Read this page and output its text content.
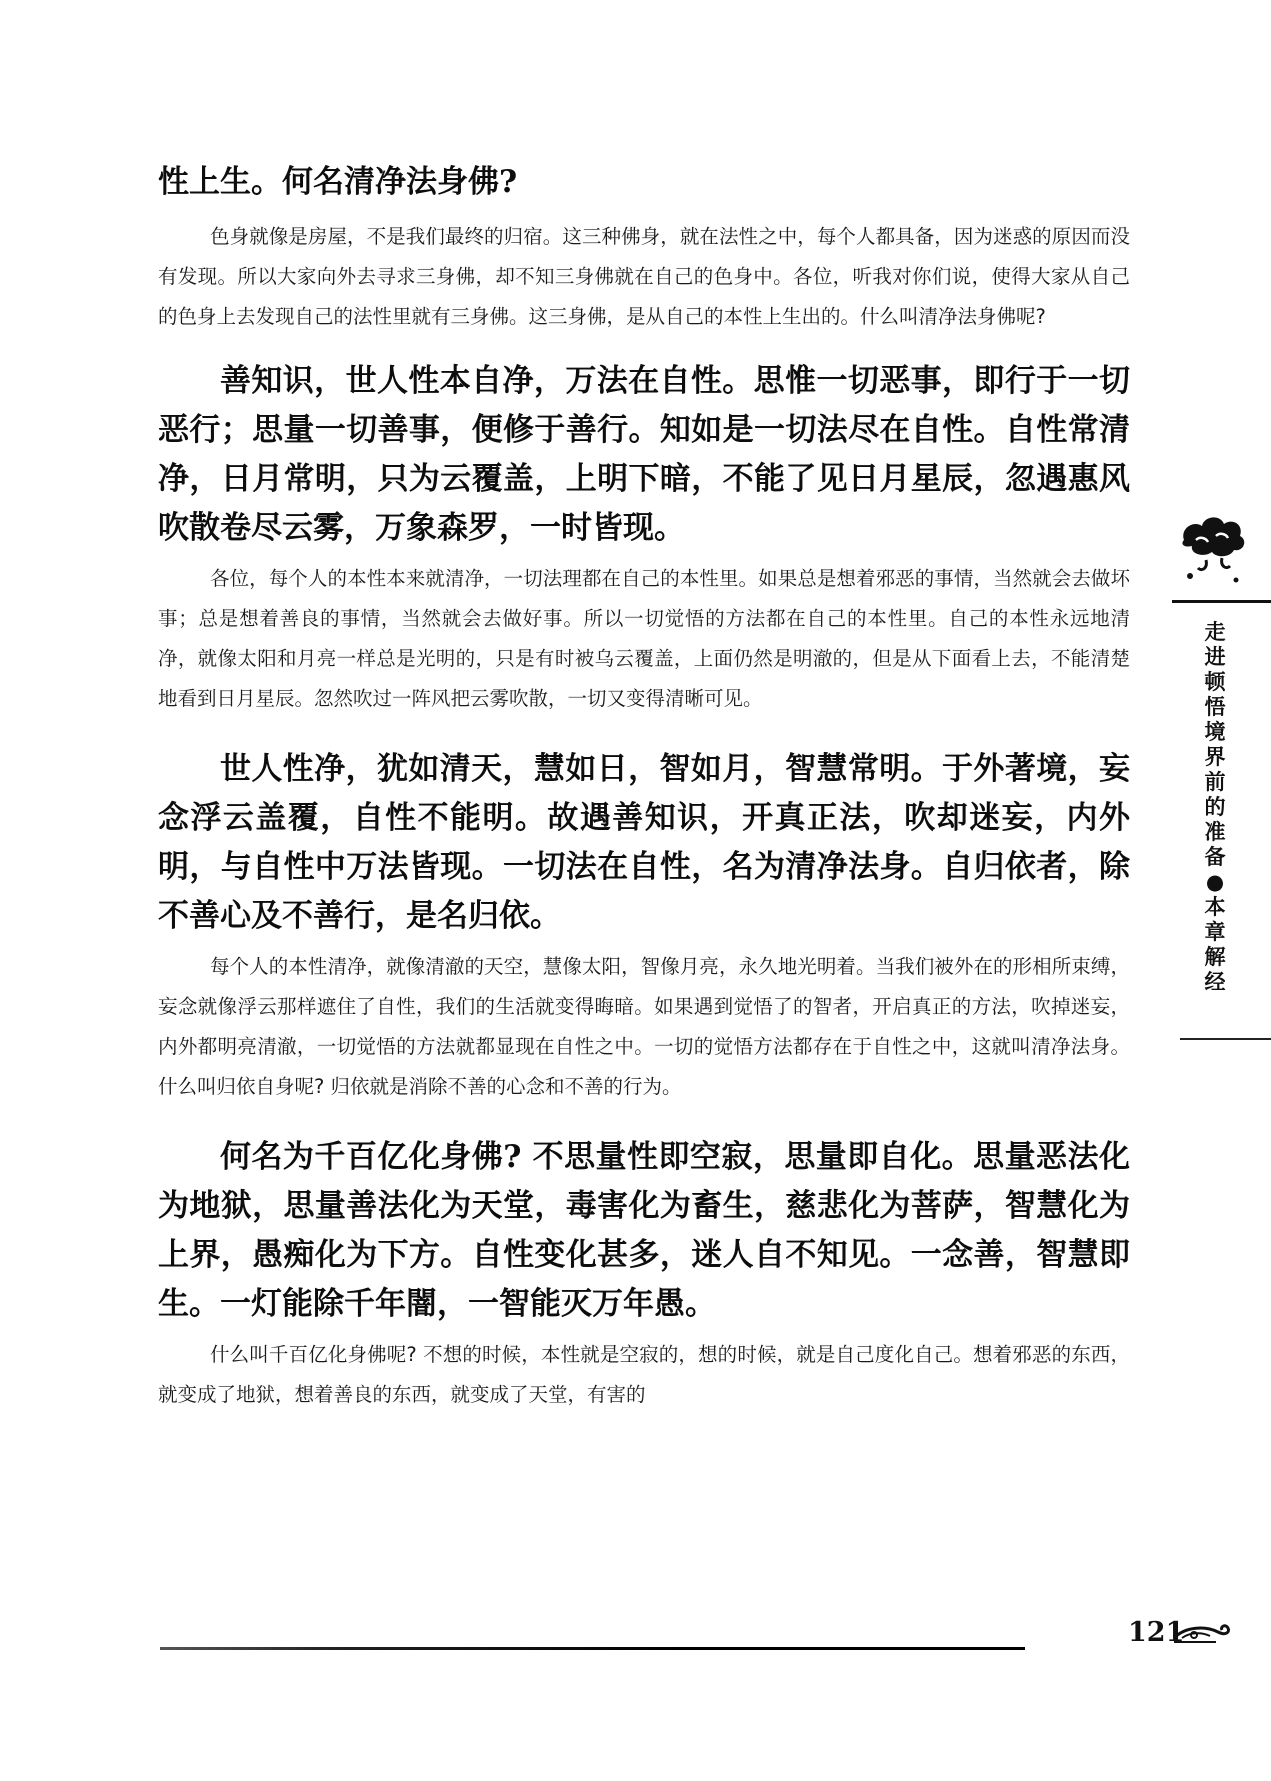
性上生。何名清净法身佛?

色身就像是房屋，不是我们最终的归宿。这三种佛身，就在法性之中，每个人都具备，因为迷惑的原因而没有发现。所以大家向外去寻求三身佛，却不知三身佛就在自己的色身中。各位，听我对你们说，使得大家从自己的色身上去发现自己的法性里就有三身佛。这三身佛，是从自己的本性上生出的。什么叫清净法身佛呢?

善知识，世人性本自净，万法在自性。思惟一切恶事，即行于一切恶行；思量一切善事，便修于善行。知如是一切法尽在自性。自性常清净，日月常明，只为云覆盖，上明下暗，不能了见日月星辰，忽遇惠风吹散卷尽云雾，万象森罗，一时皆现。

各位，每个人的本性本来就清净，一切法理都在自己的本性里。如果总是想着邪恶的事情，当然就会去做坏事；总是想着善良的事情，当然就会去做好事。所以一切觉悟的方法都在自己的本性里。自己的本性永远地清净，就像太阳和月亮一样总是光明的，只是有时被乌云覆盖，上面仍然是明澈的，但是从下面看上去，不能清楚地看到日月星辰。忽然吹过一阵风把云雾吹散，一切又变得清晰可见。

世人性净，犹如清天，慧如日，智如月，智慧常明。于外著境，妄念浮云盖覆，自性不能明。故遇善知识，开真正法，吹却迷妄，内外明，与自性中万法皆现。一切法在自性，名为清净法身。自归依者，除不善心及不善行，是名归依。

每个人的本性清净，就像清澈的天空，慧像太阳，智像月亮，永久地光明着。当我们被外在的形相所束缚，妄念就像浮云那样遮住了自性，我们的生活就变得晦暗。如果遇到觉悟了的智者，开启真正的方法，吹掉迷妄，内外都明亮清澈，一切觉悟的方法就都显现在自性之中。一切的觉悟方法都存在于自性之中，这就叫清净法身。什么叫归依自身呢? 归依就是消除不善的心念和不善的行为。

何名为千百亿化身佛? 不思量性即空寂，思量即自化。思量恶法化为地狱，思量善法化为天堂，毒害化为畜生，慈悲化为菩萨，智慧化为上界，愚痴化为下方。自性变化甚多，迷人自不知见。一念善，智慧即生。一灯能除千年闇，一智能灭万年愚。

什么叫千百亿化身佛呢? 不想的时候，本性就是空寂的，想的时候，就是自己度化自己。想着邪恶的东西，就变成了地狱，想着善良的东西，就变成了天堂，有害的

走进顿悟境界前的准备●本章解经
121
